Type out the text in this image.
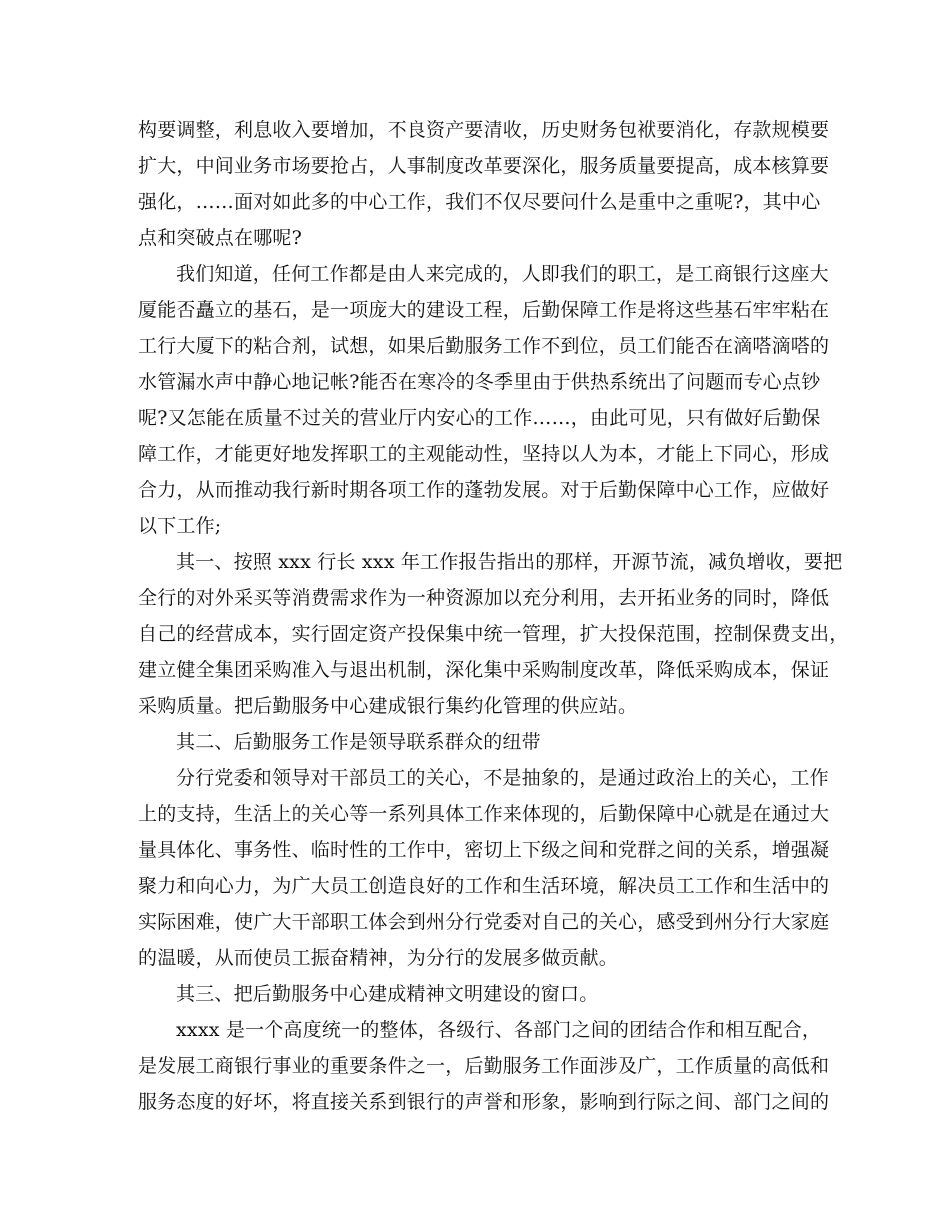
构要调整，利息收入要增加，不良资产要清收，历史财务包袱要消化，存款规模要
扩大，中间业务市场要抢占，人事制度改革要深化，服务质量要提高，成本核算要
强化，……面对如此多的中心工作，我们不仅尽要问什么是重中之重呢?，其中心
点和突破点在哪呢?
我们知道，任何工作都是由人来完成的，人即我们的职工，是工商银行这座大
厦能否矗立的基石，是一项庞大的建设工程，后勤保障工作是将这些基石牢牢粘在
工行大厦下的粘合剂，试想，如果后勤服务工作不到位，员工们能否在滴嗒滴嗒的
水管漏水声中静心地记帐?能否在寒冷的冬季里由于供热系统出了问题而专心点钞
呢?又怎能在质量不过关的营业厅内安心的工作……，由此可见，只有做好后勤保
障工作，才能更好地发挥职工的主观能动性，坚持以人为本，才能上下同心，形成
合力，从而推动我行新时期各项工作的蓬勃发展。对于后勤保障中心工作，应做好
以下工作;
其一、按照 xxx 行长 xxx 年工作报告指出的那样，开源节流，减负增收，要把
全行的对外采买等消费需求作为一种资源加以充分利用，去开拓业务的同时，降低
自己的经营成本，实行固定资产投保集中统一管理，扩大投保范围，控制保费支出，
建立健全集团采购准入与退出机制，深化集中采购制度改革，降低采购成本，保证
采购质量。把后勤服务中心建成银行集约化管理的供应站。
其二、后勤服务工作是领导联系群众的纽带
分行党委和领导对干部员工的关心，不是抽象的，是通过政治上的关心，工作
上的支持，生活上的关心等一系列具体工作来体现的，后勤保障中心就是在通过大
量具体化、事务性、临时性的工作中，密切上下级之间和党群之间的关系，增强凝
聚力和向心力，为广大员工创造良好的工作和生活环境，解决员工工作和生活中的
实际困难，使广大干部职工体会到州分行党委对自己的关心，感受到州分行大家庭
的温暖，从而使员工振奋精神，为分行的发展多做贡献。
其三、把后勤服务中心建成精神文明建设的窗口。
xxxx 是一个高度统一的整体，各级行、各部门之间的团结合作和相互配合，
是发展工商银行事业的重要条件之一，后勤服务工作面涉及广，工作质量的高低和
服务态度的好坏，将直接关系到银行的声誉和形象，影响到行际之间、部门之间的
